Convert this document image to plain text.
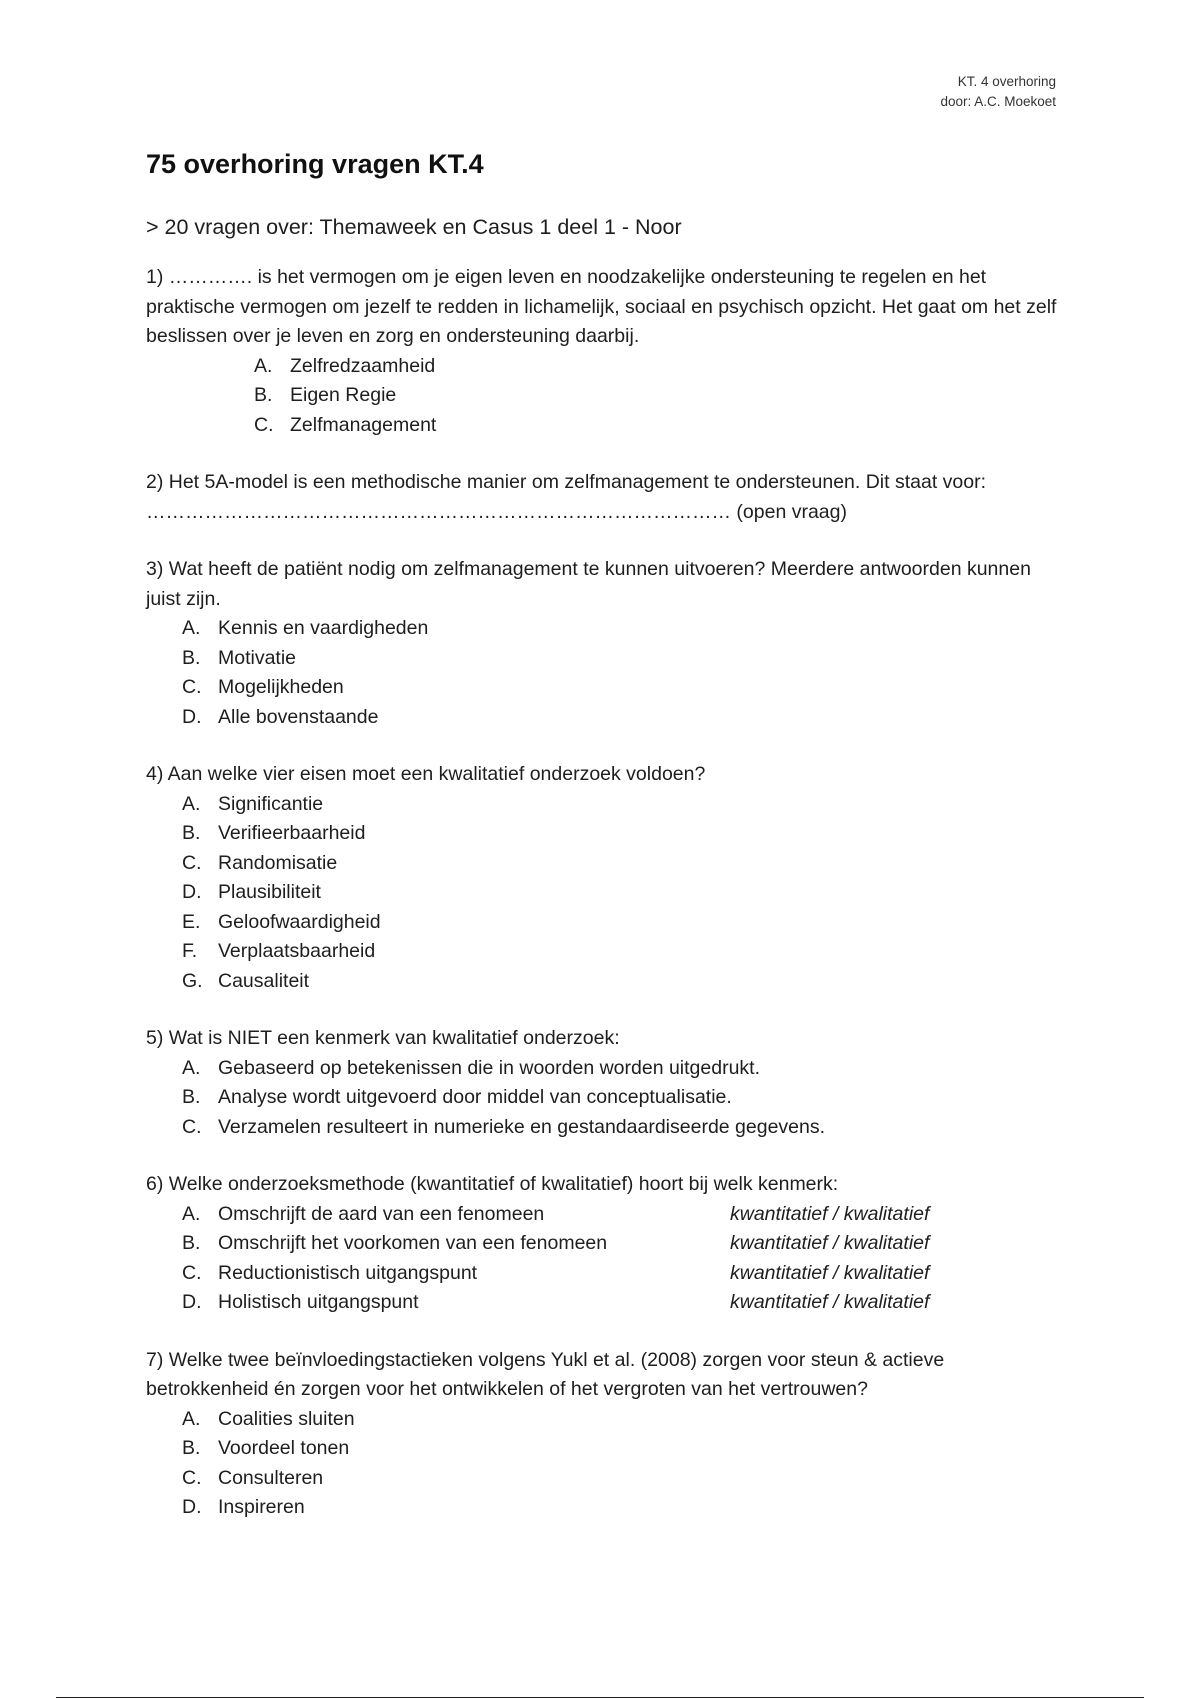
KT. 4 overhoring
door: A.C. Moekoet
75 overhoring vragen KT.4

> 20 vragen over: Themaweek en Casus 1 deel 1 - Noor

1) …………. is het vermogen om je eigen leven en noodzakelijke ondersteuning te regelen en het praktische vermogen om jezelf te redden in lichamelijk, sociaal en psychisch opzicht. Het gaat om het zelf beslissen over je leven en zorg en ondersteuning daarbij.

A. Zelfredzaamheid
B. Eigen Regie
C. Zelfmanagement

2) Het 5A-model is een methodische manier om zelfmanagement te ondersteunen. Dit staat voor: ……………………………………………………………………………… (open vraag)

3) Wat heeft de patiënt nodig om zelfmanagement te kunnen uitvoeren? Meerdere antwoorden kunnen juist zijn.

A. Kennis en vaardigheden
B. Motivatie
C. Mogelijkheden
D. Alle bovenstaande

4) Aan welke vier eisen moet een kwalitatief onderzoek voldoen?

A. Significantie
B. Verifieerbaarheid
C. Randomisatie
D. Plausibiliteit
E. Geloofwaardigheid
F.	Verplaatsbaarheid
G. Causaliteit

5) Wat is NIET een kenmerk van kwalitatief onderzoek:

A. Gebaseerd op betekenissen die in woorden worden uitgedrukt.
B. Analyse wordt uitgevoerd door middel van conceptualisatie.
C. Verzamelen resulteert in numerieke en gestandaardiseerde gegevens.

6) Welke onderzoeksmethode (kwantitatief of kwalitatief) hoort bij welk kenmerk:

A. Omschrijft de aard van een fenomeen	kwantitatief / kwalitatief
B. Omschrijft het voorkomen van een fenomeen	kwantitatief / kwalitatief
C. Reductionistisch uitgangspunt	kwantitatief / kwalitatief
D. Holistisch uitgangspunt	kwantitatief / kwalitatief

7) Welke twee beïnvloedingstactieken volgens Yukl et al. (2008) zorgen voor steun & actieve betrokkenheid én zorgen voor het ontwikkelen of het vergroten van het vertrouwen?

A. Coalities sluiten
B. Voordeel tonen
C. Consulteren
D. Inspireren
